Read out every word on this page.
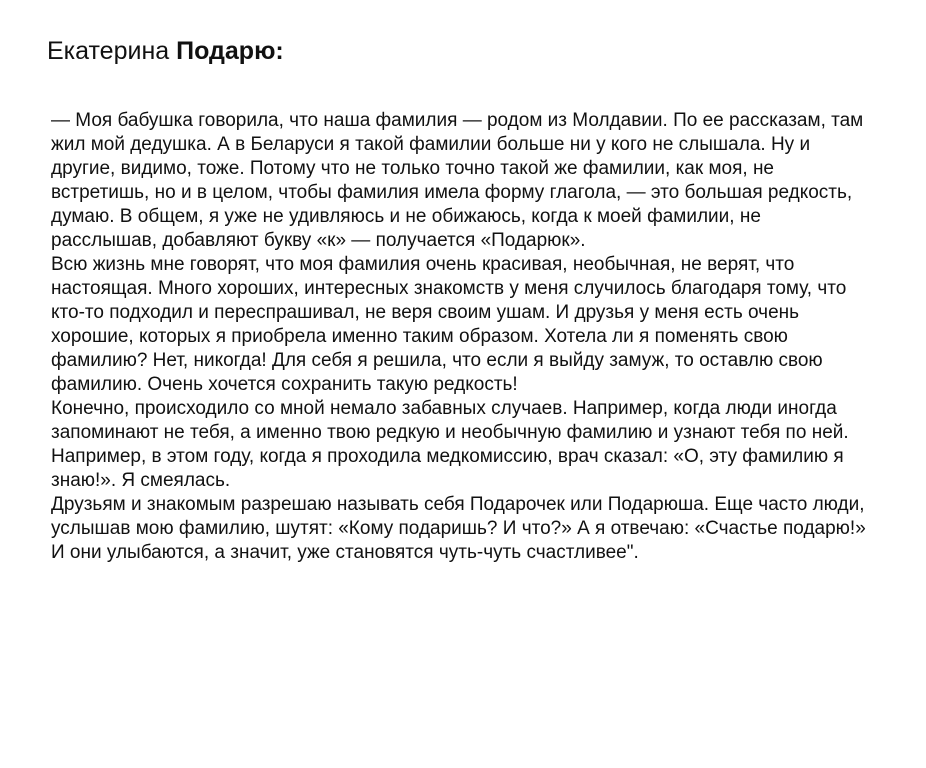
Екатерина Подарю:

— Моя бабушка говорила, что наша фамилия — родом из Молдавии. По ее рассказам, там жил мой дедушка. А в Беларуси я такой фамилии больше ни у кого не слышала. Ну и другие, видимо, тоже. Потому что не только точно такой же фамилии, как моя, не встретишь, но и в целом, чтобы фамилия имела форму глагола, — это большая редкость, думаю. В общем, я уже не удивляюсь и не обижаюсь, когда к моей фамилии, не расслышав, добавляют букву «к» — получается «Подарюк».

Всю жизнь мне говорят, что моя фамилия очень красивая, необычная, не верят, что настоящая. Много хороших, интересных знакомств у меня случилось благодаря тому, что кто-то подходил и переспрашивал, не веря своим ушам. И друзья у меня есть очень хорошие, которых я приобрела именно таким образом. Хотела ли я поменять свою фамилию? Нет, никогда! Для себя я решила, что если я выйду замуж, то оставлю свою фамилию. Очень хочется сохранить такую редкость!

Конечно, происходило со мной немало забавных случаев. Например, когда люди иногда запоминают не тебя, а именно твою редкую и необычную фамилию и узнают тебя по ней. Например, в этом году, когда я проходила медкомиссию, врач сказал: «О, эту фамилию я знаю!». Я смеялась.

Друзьям и знакомым разрешаю называть себя Подарочек или Подарюша. Еще часто люди, услышав мою фамилию, шутят: «Кому подаришь? И что?» А я отвечаю: «Счастье подарю!» И они улыбаются, а значит, уже становятся чуть-чуть счастливее".
